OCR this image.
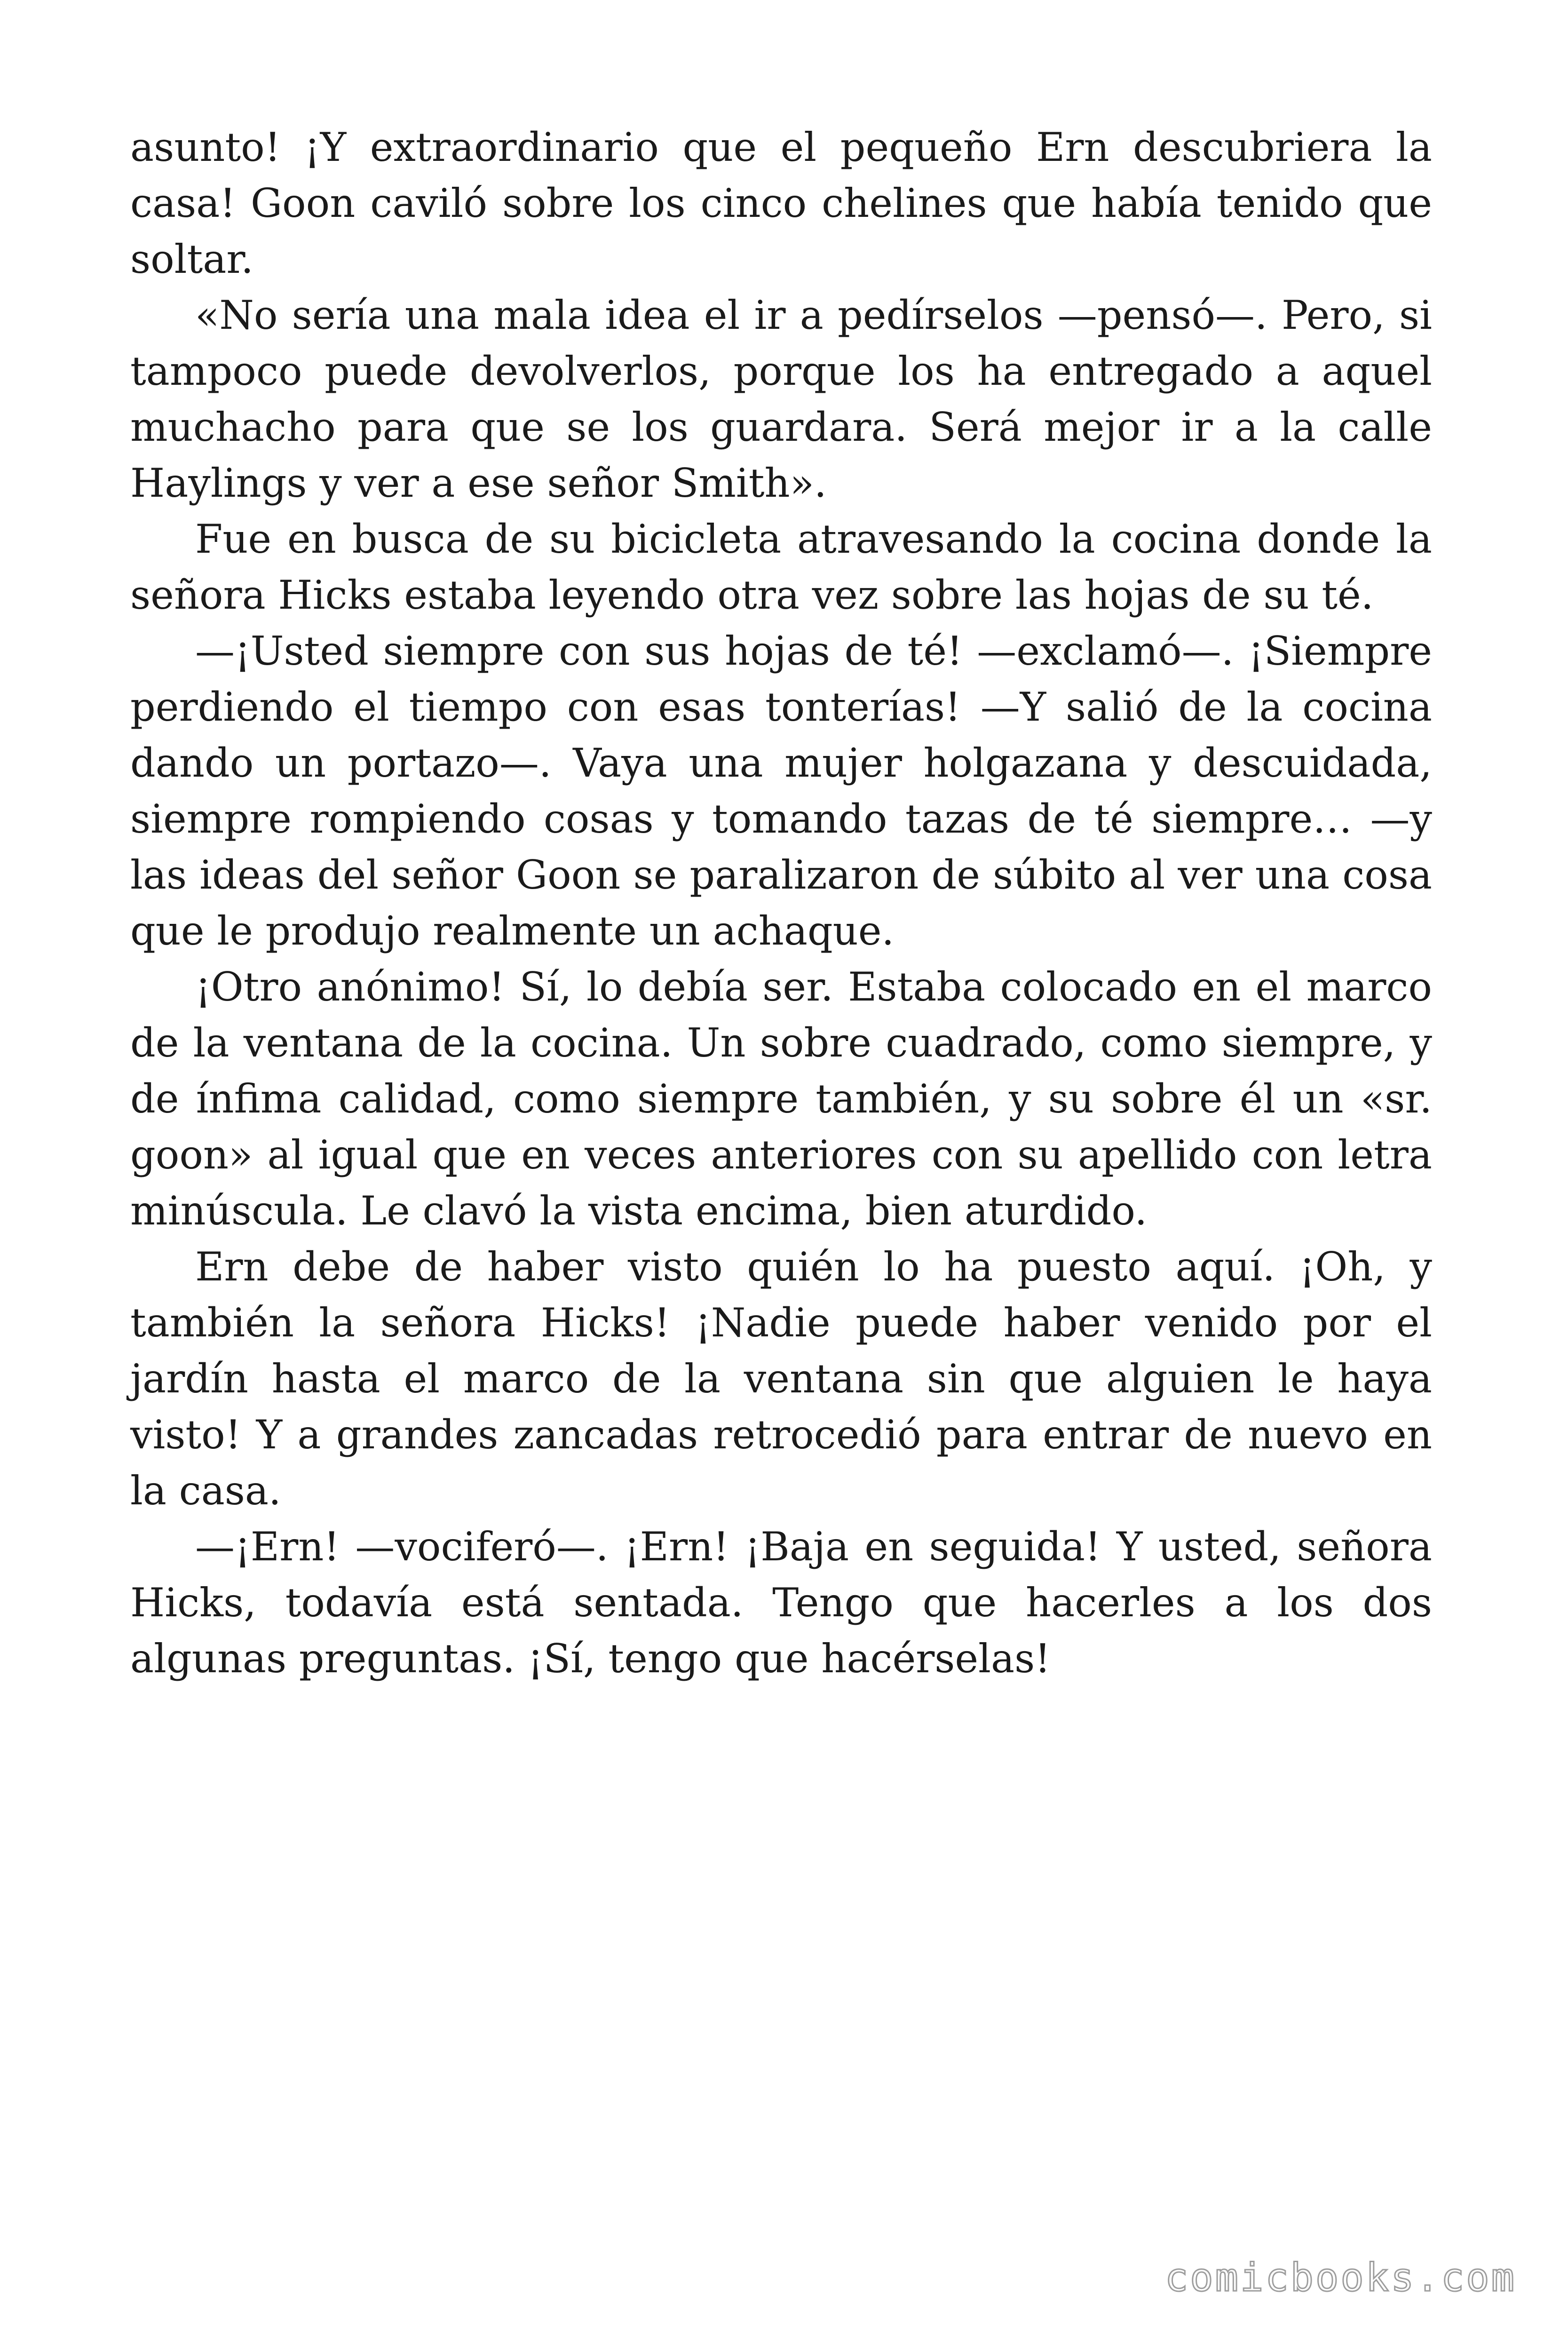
asunto! ¡Y extraordinario que el pequeño Ern descubriera la casa! Goon caviló sobre los cinco chelines que había tenido que soltar.

«No sería una mala idea el ir a pedírselos —pensó—. Pero, si tampoco puede devolverlos, porque los ha entregado a aquel muchacho para que se los guardara. Será mejor ir a la calle Haylings y ver a ese señor Smith».

Fue en busca de su bicicleta atravesando la cocina donde la señora Hicks estaba leyendo otra vez sobre las hojas de su té.

—¡Usted siempre con sus hojas de té! —exclamó—. ¡Siempre perdiendo el tiempo con esas tonterías! —Y salió de la cocina dando un portazo—. Vaya una mujer holgazana y descuidada, siempre rompiendo cosas y tomando tazas de té siempre… —y las ideas del señor Goon se paralizaron de súbito al ver una cosa que le produjo realmente un achaque.

¡Otro anónimo! Sí, lo debía ser. Estaba colocado en el marco de la ventana de la cocina. Un sobre cuadrado, como siempre, y de ínfima calidad, como siempre también, y su sobre él un «sr. goon» al igual que en veces anteriores con su apellido con letra minúscula. Le clavó la vista encima, bien aturdido.

Ern debe de haber visto quién lo ha puesto aquí. ¡Oh, y también la señora Hicks! ¡Nadie puede haber venido por el jardín hasta el marco de la ventana sin que alguien le haya visto! Y a grandes zancadas retrocedió para entrar de nuevo en la casa.

—¡Ern! —vociferó—. ¡Ern! ¡Baja en seguida! Y usted, señora Hicks, todavía está sentada. Tengo que hacerles a los dos algunas preguntas. ¡Sí, tengo que hacérselas!

comicbooks.com
